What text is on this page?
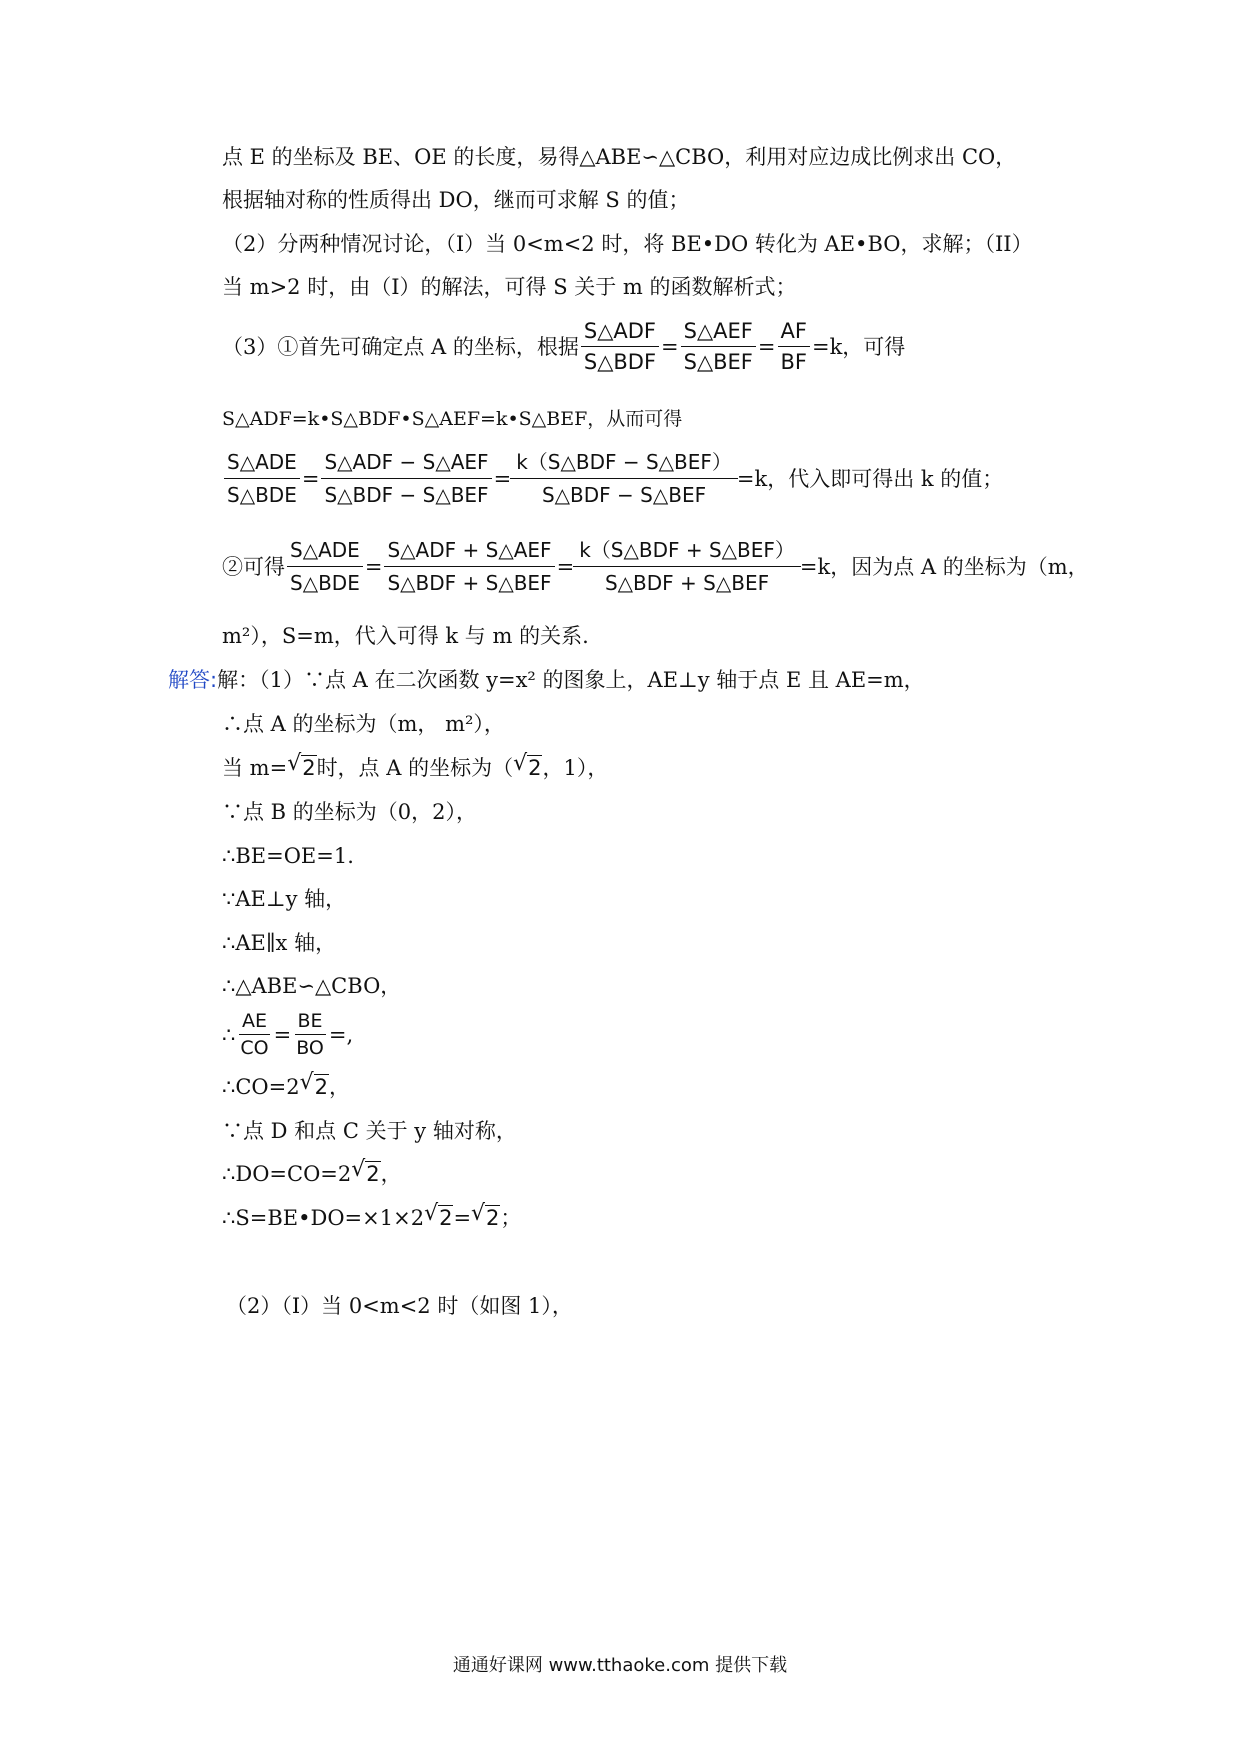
点 E 的坐标及 BE、OE 的长度，易得△ABE∽△CBO，利用对应边成比例求出 CO，
根据轴对称的性质得出 DO，继而可求解 S 的值；
（2）分两种情况讨论，（I）当 0<m<2 时，将 BE•DO 转化为 AE•BO，求解；（II）
当 m>2 时，由（I）的解法，可得 S 关于 m 的函数解析式；
（3）①首先可确定点 A 的坐标，根据 $\frac{\text{S△ADF}}{\text{S△BDF}} = \frac{\text{S△AEF}}{\text{S△BEF}} = \frac{AF}{BF} =k$，可得
S△ADF=k•S△BDF•S△AEF=k•S△BEF，从而可得
$\frac{\text{S△ADE}}{\text{S△BDE}} = \frac{\text{S△ADF − S△AEF}}{\text{S△BDF − S△BEF}} = \frac{\text{k（S△BDF − S△BEF）}}{\text{S△BDF − S△BEF}} =k$，代入即可得出 k 的值；
②可得 $\frac{\text{S△ADE}}{\text{S△BDE}} = \frac{\text{S△ADF + S△AEF}}{\text{S△BDF + S△BEF}} = \frac{\text{k（S△BDF + S△BEF）}}{\text{S△BDF + S△BEF}} =k$，因为点 A 的坐标为（m，
m²），S=m，代入可得 k 与 m 的关系.
解答:解：（1）∵点 A 在二次函数 y=x² 的图象上，AE⊥y 轴于点 E 且 AE=m，
∴点 A 的坐标为（m， m²），
当 m= √ 2时，点 A 的坐标为（ √ 2，1），
∵点 B 的坐标为（0，2），
∴BE=OE=1.
∵AE⊥y 轴，
∴AE∥x 轴，
∴△ABE∽△CBO，
∴ $\frac{AE}{CO} = \frac{BE}{BO}$ =,
∴CO=2 √ 2，
∵点 D 和点 C 关于 y 轴对称，
∴DO=CO=2 √ 2，
∴S=BE•DO=×1×2 √ 2= √ 2；
（2）（I）当 0<m<2 时（如图 1），
通通好课网 www.tthaoke.com 提供下载
